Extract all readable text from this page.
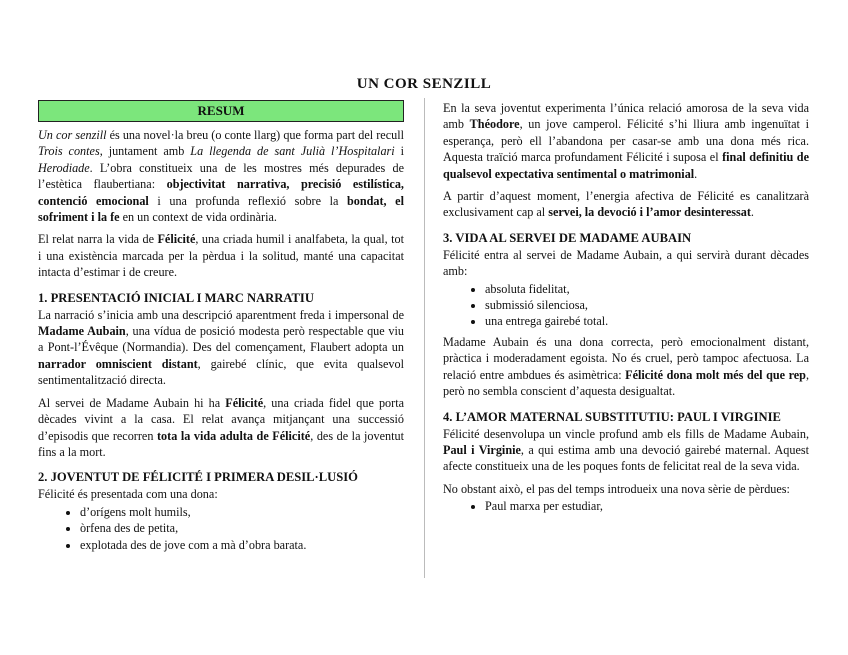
UN COR SENZILL
RESUM

Un cor senzill és una novel·la breu (o conte llarg) que forma part del recull Trois contes, juntament amb La llegenda de sant Julià l’Hospitalari i Herodiade. L’obra constitueix una de les mostres més depurades de l’estètica flaubertiana: objectivitat narrativa, precisió estilística, contenció emocional i una profunda reflexió sobre la bondat, el sofriment i la fe en un context de vida ordinària.

El relat narra la vida de Félicité, una criada humil i analfabeta, la qual, tot i una existència marcada per la pèrdua i la solitud, manté una capacitat intacta d’estimar i de creure.

1. PRESENTACIÓ INICIAL I MARC NARRATIU

La narració s’inicia amb una descripció aparentment freda i impersonal de Madame Aubain, una vídua de posició modesta però respectable que viu a Pont-l’Évêque (Normandia). Des del començament, Flaubert adopta un narrador omniscient distant, gairebé clínic, que evita qualsevol sentimentalització directa.

Al servei de Madame Aubain hi ha Félicité, una criada fidel que porta dècades vivint a la casa. El relat avança mitjançant una successió d’episodis que recorren tota la vida adulta de Félicité, des de la joventut fins a la mort.

2. JOVENTUT DE FÉLICITÉ I PRIMERA DESIL·LUSIÓ

Félicité és presentada com una dona:

• d’orígens molt humils,
• òrfena des de petita,
• explotada des de jove com a mà d’obra barata.

En la seva joventut experimenta l’única relació amorosa de la seva vida amb Théodore, un jove camperol. Félicité s’hi lliura amb ingenuïtat i esperança, però ell l’abandona per casar-se amb una dona més rica. Aquesta traïció marca profundament Félicité i suposa el final definitiu de qualsevol expectativa sentimental o matrimonial.

A partir d’aquest moment, l’energia afectiva de Félicité es canalitzarà exclusivament cap al servei, la devoció i l’amor desinteressat.

3. VIDA AL SERVEI DE MADAME AUBAIN

Félicité entra al servei de Madame Aubain, a qui servirà durant dècades amb:

• absoluta fidelitat,
• submissió silenciosa,
• una entrega gairebé total.

Madame Aubain és una dona correcta, però emocionalment distant, pràctica i moderadament egoista. No és cruel, però tampoc afectuosa. La relació entre ambdues és asimètrica: Félicité dona molt més del que rep, però no sembla conscient d’aquesta desigualtat.

4. L’AMOR MATERNAL SUBSTITUTIU: PAUL I VIRGINIE

Félicité desenvolupa un vincle profund amb els fills de Madame Aubain, Paul i Virginie, a qui estima amb una devoció gairebé maternal. Aquest afecte constitueix una de les poques fonts de felicitat real de la seva vida.

No obstant això, el pas del temps introdueix una nova sèrie de pèrdues:

• Paul marxa per estudiar,
